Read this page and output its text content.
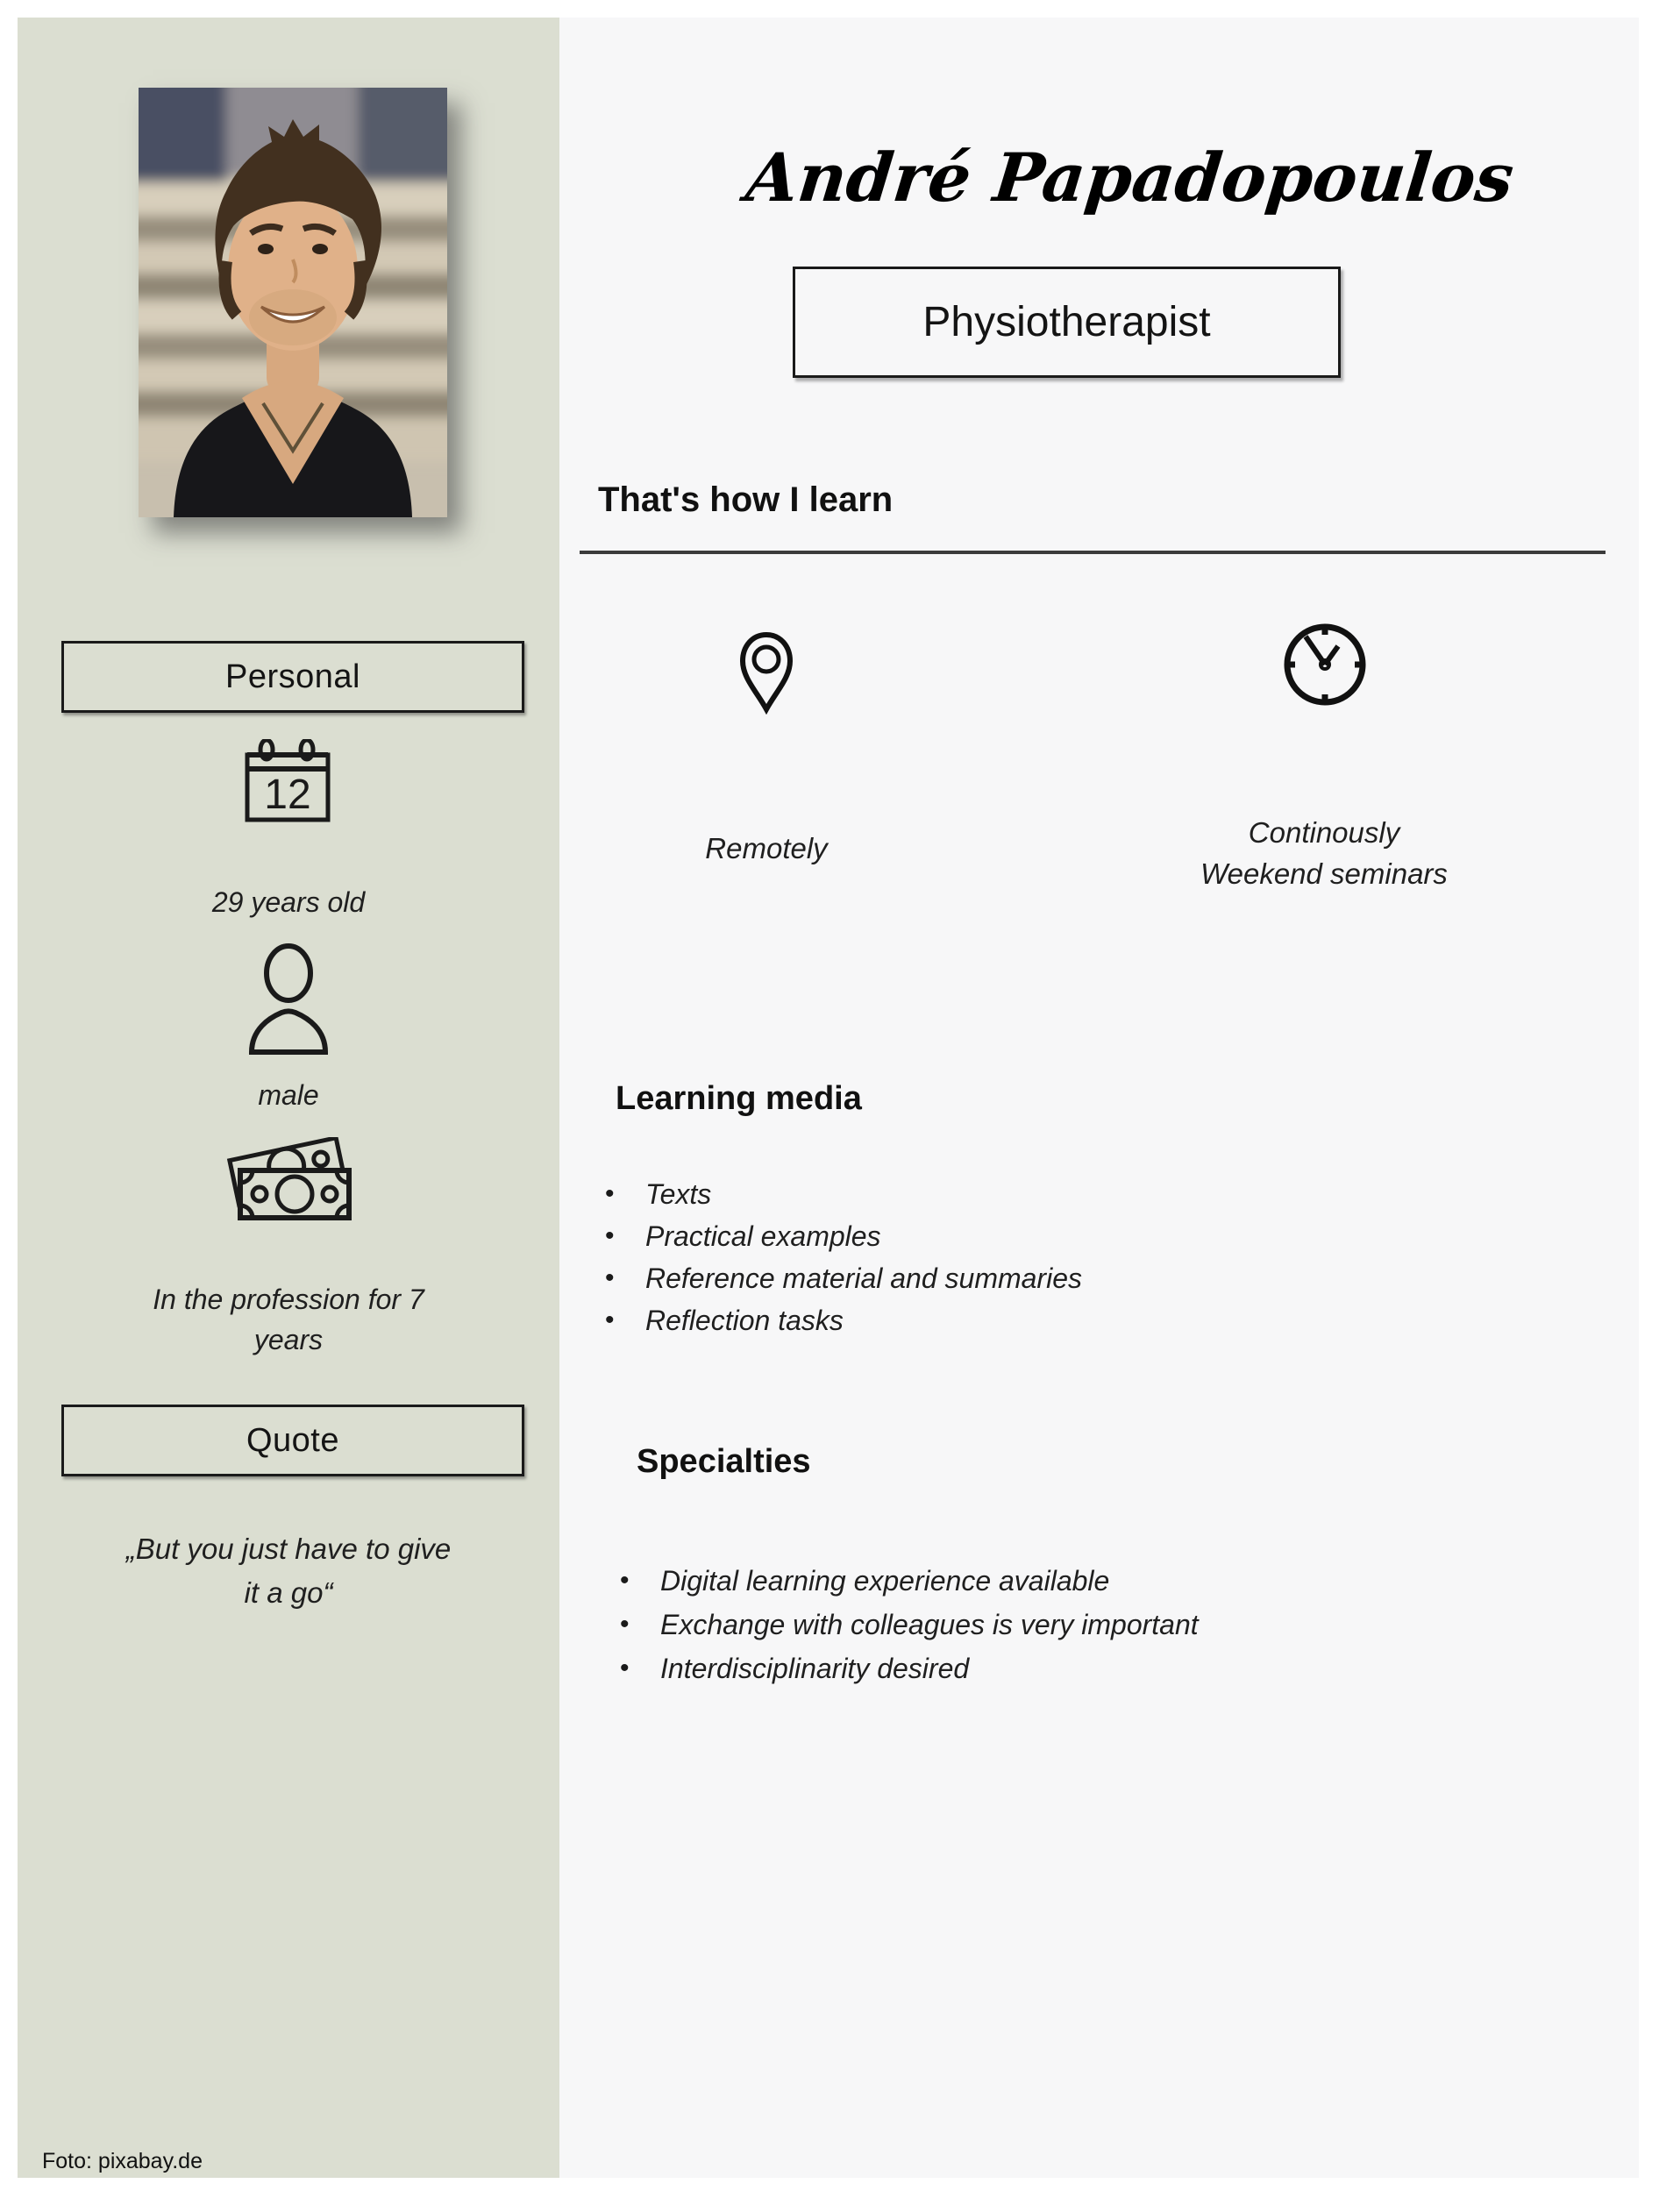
Personal
12
29 years old
male
In the profession for 7 years
Quote
„But you just have to give it a go“
Foto: pixabay.de
André Papadopoulos
Physiotherapist
That's how I learn
Remotely	Continously
Weekend seminars
Learning media
• Texts
• Practical examples
• Reference material and summaries
• Reflection tasks
Specialties
• Digital learning experience available
• Exchange with colleagues is very important
• Interdisciplinarity desired
